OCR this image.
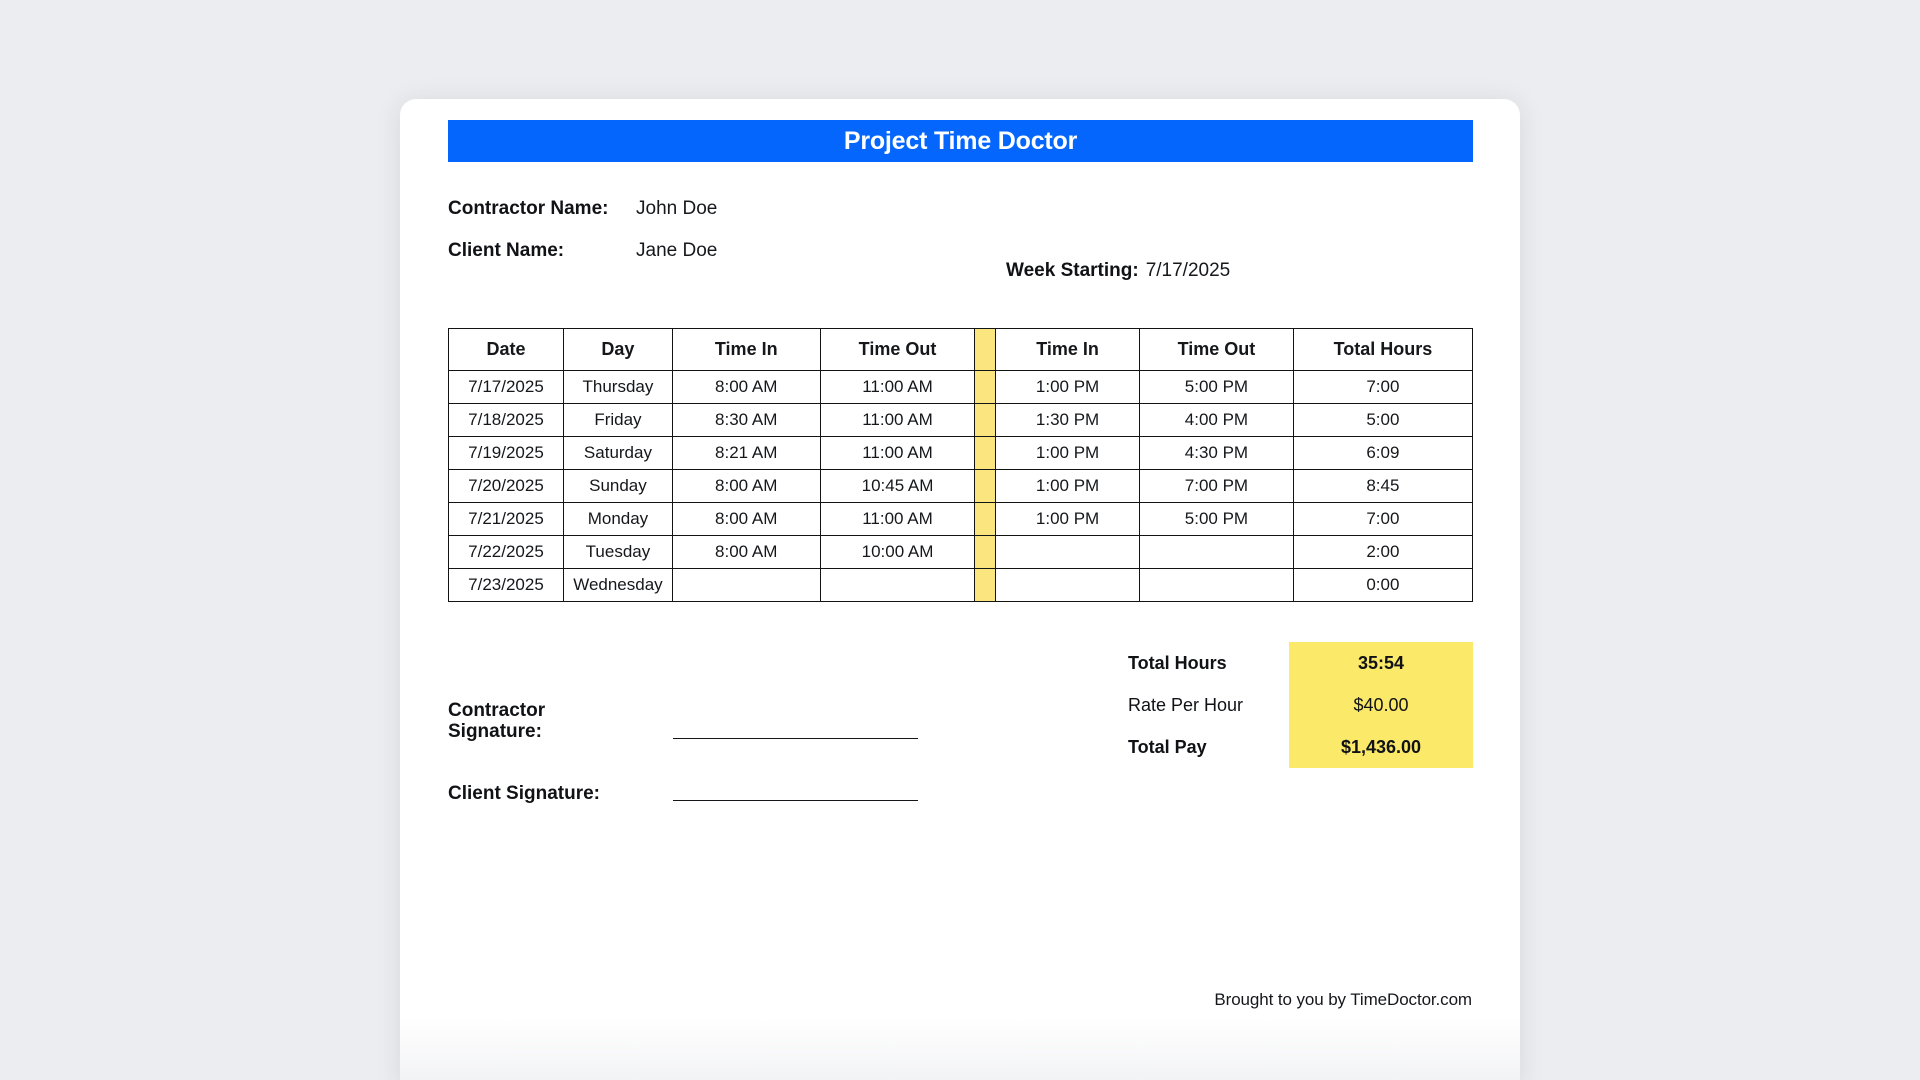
Project Time Doctor
Contractor Name:	John Doe
Client Name:	Jane Doe
Week Starting: 7/17/2025
Date	Day	Time In	Time Out		Time In	Time Out	Total Hours
7/17/2025	Thursday	8:00 AM	11:00 AM		1:00 PM	5:00 PM	7:00
7/18/2025	Friday	8:30 AM	11:00 AM		1:30 PM	4:00 PM	5:00
7/19/2025	Saturday	8:21 AM	11:00 AM		1:00 PM	4:30 PM	6:09
7/20/2025	Sunday	8:00 AM	10:45 AM		1:00 PM	7:00 PM	8:45
7/21/2025	Monday	8:00 AM	11:00 AM		1:00 PM	5:00 PM	7:00
7/22/2025	Tuesday	8:00 AM	10:00 AM				2:00
7/23/2025	Wednesday						0:00
Contractor Signature:
Client Signature:
Total Hours	35:54
Rate Per Hour	$40.00
Total Pay	$1,436.00
Brought to you by TimeDoctor.com
